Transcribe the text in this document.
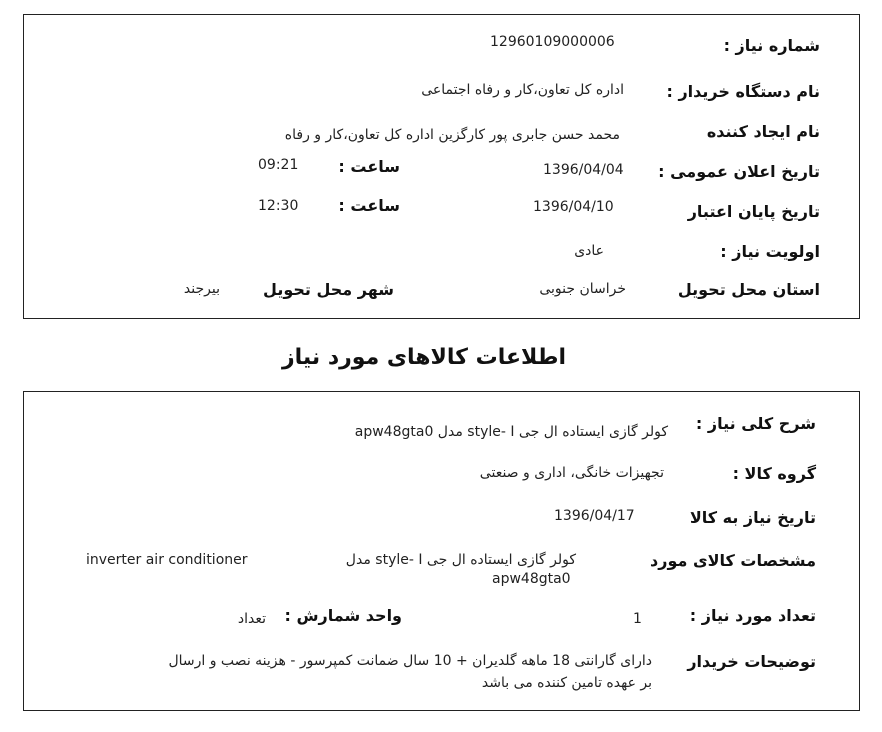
شماره نیاز :
12960109000006
نام دستگاه خریدار :
اداره کل تعاون،کار و رفاه اجتماعی
نام ایجاد کننده
محمد حسن جابری پور کارگزین اداره کل تعاون،کار و رفاه
تاریخ اعلان عمومی :
1396/04/04
ساعت :
09:21
تاریخ پایان اعتبار
1396/04/10
ساعت :
12:30
اولویت نیاز :
عادی
استان محل تحویل
خراسان جنوبی
شهر محل تحویل
بیرجند
اطلاعات کالاهای مورد نیاز
شرح کلی نیاز :
کولر گازی ایستاده ال جی style- I مدل apw48gta0
گروه کالا :
تجهیزات خانگی، اداری و صنعتی
تاریخ نیاز به کالا
1396/04/17
مشخصات کالای مورد
کولر گازی ایستاده ال جی style- I مدل
apw48gta0
inverter air conditioner
تعداد مورد نیاز :
1
واحد شمارش :
تعداد
توضیحات خریدار
دارای گارانتی 18 ماهه گلدیران + 10 سال ضمانت کمپرسور - هزینه نصب و ارسال
بر عهده تامین کننده می باشد
